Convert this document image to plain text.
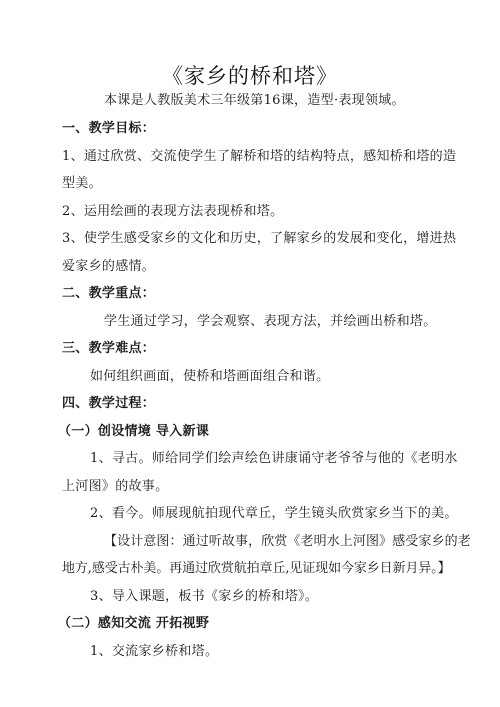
《家乡的桥和塔》
本课是人教版美术三年级第16课，造型·表现领域。
一、教学目标：
1、通过欣赏、交流使学生了解桥和塔的结构特点，感知桥和塔的造
型美。
2、运用绘画的表现方法表现桥和塔。
3、使学生感受家乡的文化和历史，了解家乡的发展和变化，增进热
爱家乡的感情。
二、教学重点：
学生通过学习，学会观察、表现方法，并绘画出桥和塔。
三、教学难点：
如何组织画面，使桥和塔画面组合和谐。
四、教学过程：
（一）创设情境 导入新课
1、寻古。师给同学们绘声绘色讲康诵守老爷爷与他的《老明水
上河图》的故事。
2、看今。师展现航拍现代章丘，学生镜头欣赏家乡当下的美。
【设计意图：通过听故事，欣赏《老明水上河图》感受家乡的老
地方,感受古朴美。再通过欣赏航拍章丘,见证现如今家乡日新月异。】
3、导入课题，板书《家乡的桥和塔》。
（二）感知交流 开拓视野
1、交流家乡桥和塔。
